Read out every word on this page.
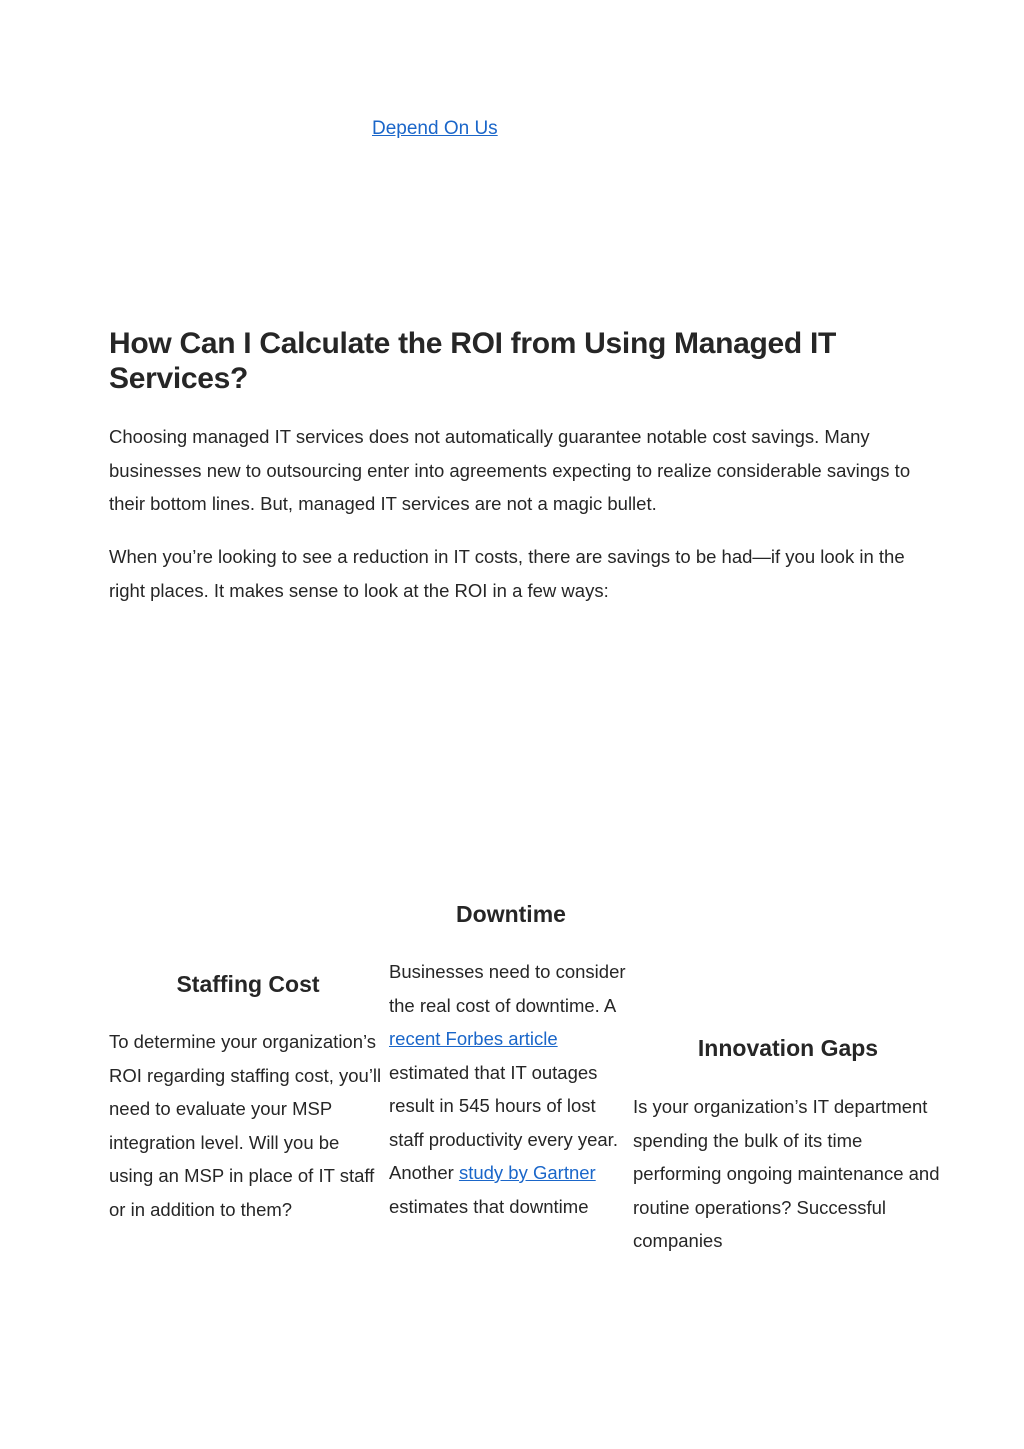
Depend On Us
How Can I Calculate the ROI from Using Managed IT Services?

Choosing managed IT services does not automatically guarantee notable cost savings. Many businesses new to outsourcing enter into agreements expecting to realize considerable savings to their bottom lines. But, managed IT services are not a magic bullet.

When you’re looking to see a reduction in IT costs, there are savings to be had—if you look in the right places. It makes sense to look at the ROI in a few ways:

Downtime

Businesses need to consider the real cost of downtime. A recent Forbes article estimated that IT outages result in 545 hours of lost staff productivity every year. Another study by Gartner estimates that downtime

Staffing Cost

To determine your organization’s ROI regarding staffing cost, you’ll need to evaluate your MSP integration level. Will you be using an MSP in place of IT staff or in addition to them?

Innovation Gaps

Is your organization’s IT department spending the bulk of its time performing ongoing maintenance and routine operations? Successful companies
